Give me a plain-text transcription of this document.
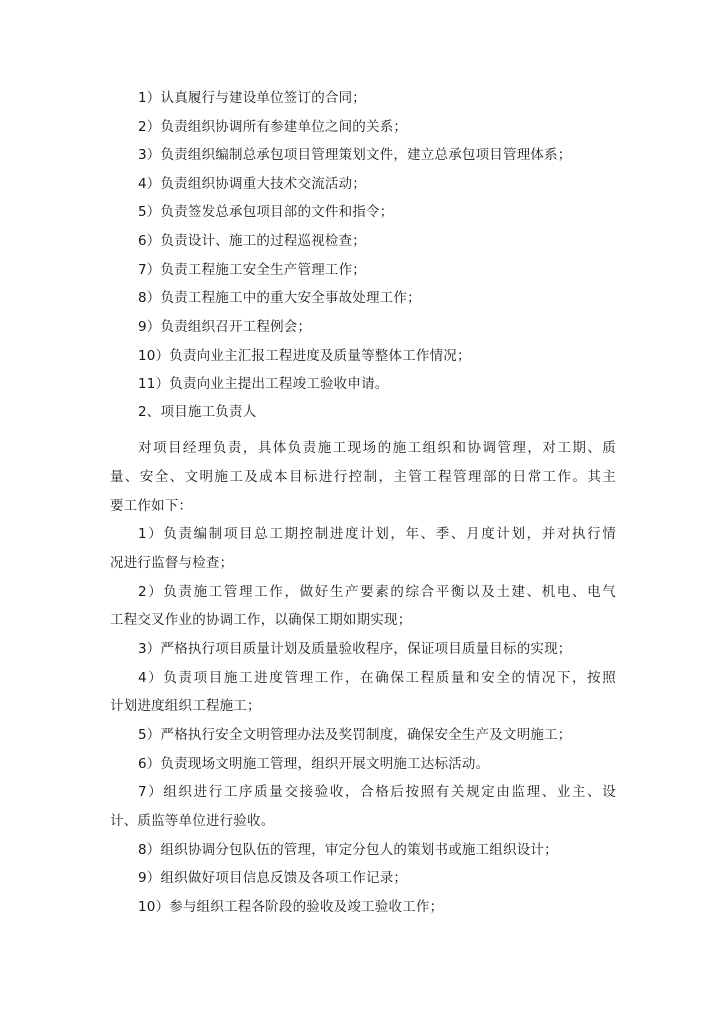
1）认真履行与建设单位签订的合同；
2）负责组织协调所有参建单位之间的关系；
3）负责组织编制总承包项目管理策划文件，建立总承包项目管理体系；
4）负责组织协调重大技术交流活动；
5）负责签发总承包项目部的文件和指令；
6）负责设计、施工的过程巡视检查；
7）负责工程施工安全生产管理工作；
8）负责工程施工中的重大安全事故处理工作；
9）负责组织召开工程例会；
10）负责向业主汇报工程进度及质量等整体工作情况；
11）负责向业主提出工程竣工验收申请。
2、项目施工负责人
对项目经理负责，具体负责施工现场的施工组织和协调管理，对工期、质
量、安全、文明施工及成本目标进行控制，主管工程管理部的日常工作。其主
要工作如下：
1）负责编制项目总工期控制进度计划，年、季、月度计划，并对执行情
况进行监督与检查；
2）负责施工管理工作，做好生产要素的综合平衡以及土建、机电、电气
工程交叉作业的协调工作，以确保工期如期实现；
3）严格执行项目质量计划及质量验收程序，保证项目质量目标的实现；
4）负责项目施工进度管理工作，在确保工程质量和安全的情况下，按照
计划进度组织工程施工；
5）严格执行安全文明管理办法及奖罚制度，确保安全生产及文明施工；
6）负责现场文明施工管理，组织开展文明施工达标活动。
7）组织进行工序质量交接验收，合格后按照有关规定由监理、业主、设
计、质监等单位进行验收。
8）组织协调分包队伍的管理，审定分包人的策划书或施工组织设计；
9）组织做好项目信息反馈及各项工作记录；
10）参与组织工程各阶段的验收及竣工验收工作；
